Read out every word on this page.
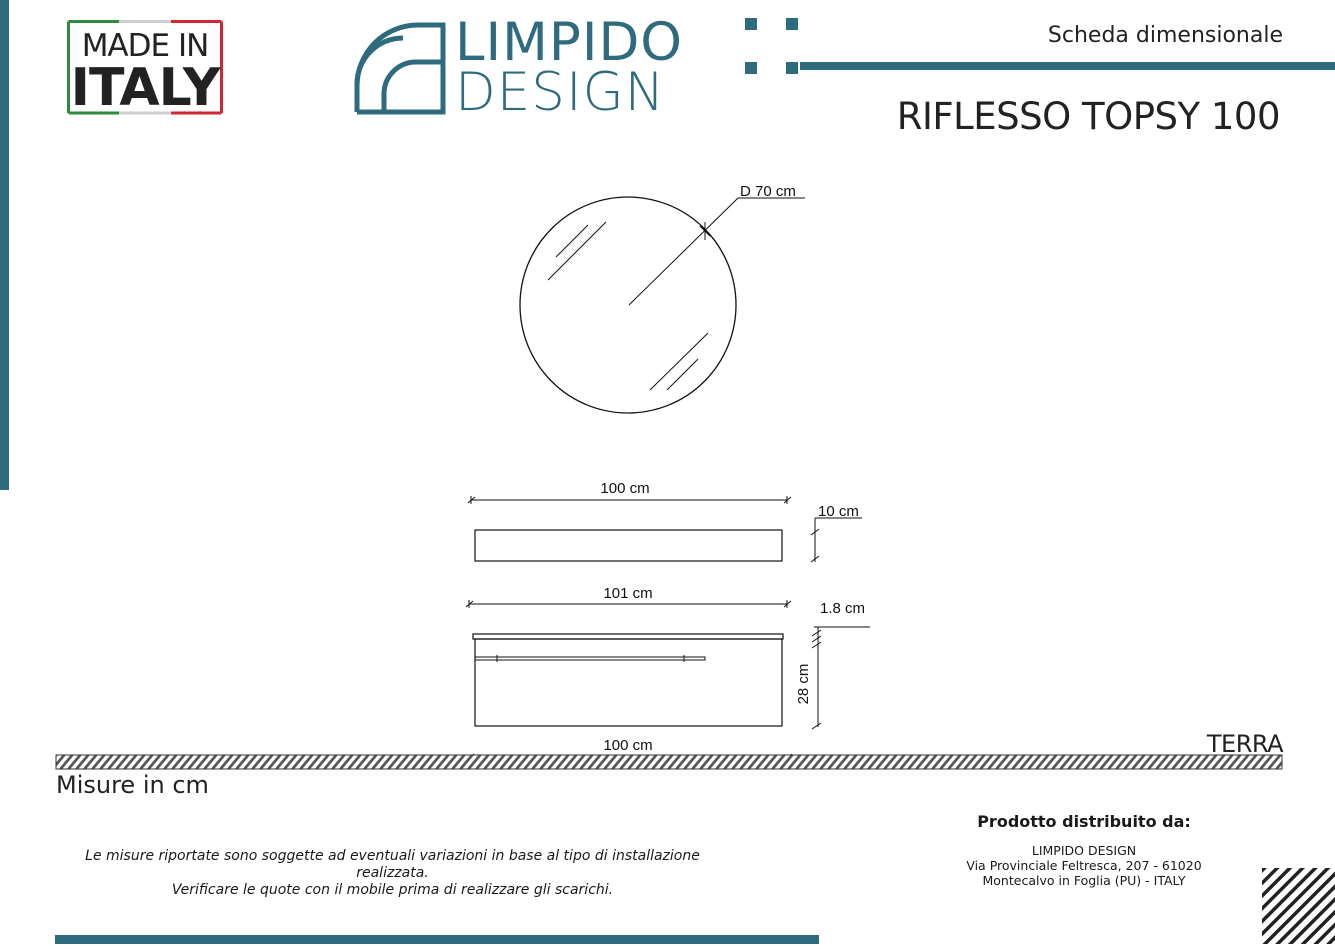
MADE IN
ITALY
LIMPIDO
DESIGN
Scheda dimensionale
RIFLESSO TOPSY 100
D 70 cm
100 cm
10 cm
101 cm
1.8 cm
28 cm
100 cm	TERRA
Misure in cm
Le misure riportate sono soggette ad eventuali variazioni in base al tipo di installazione realizzata.
Verificare le quote con il mobile prima di realizzare gli scarichi.
Prodotto distribuito da:
LIMPIDO DESIGN
Via Provinciale Feltresca, 207 - 61020
Montecalvo in Foglia (PU) - ITALY
